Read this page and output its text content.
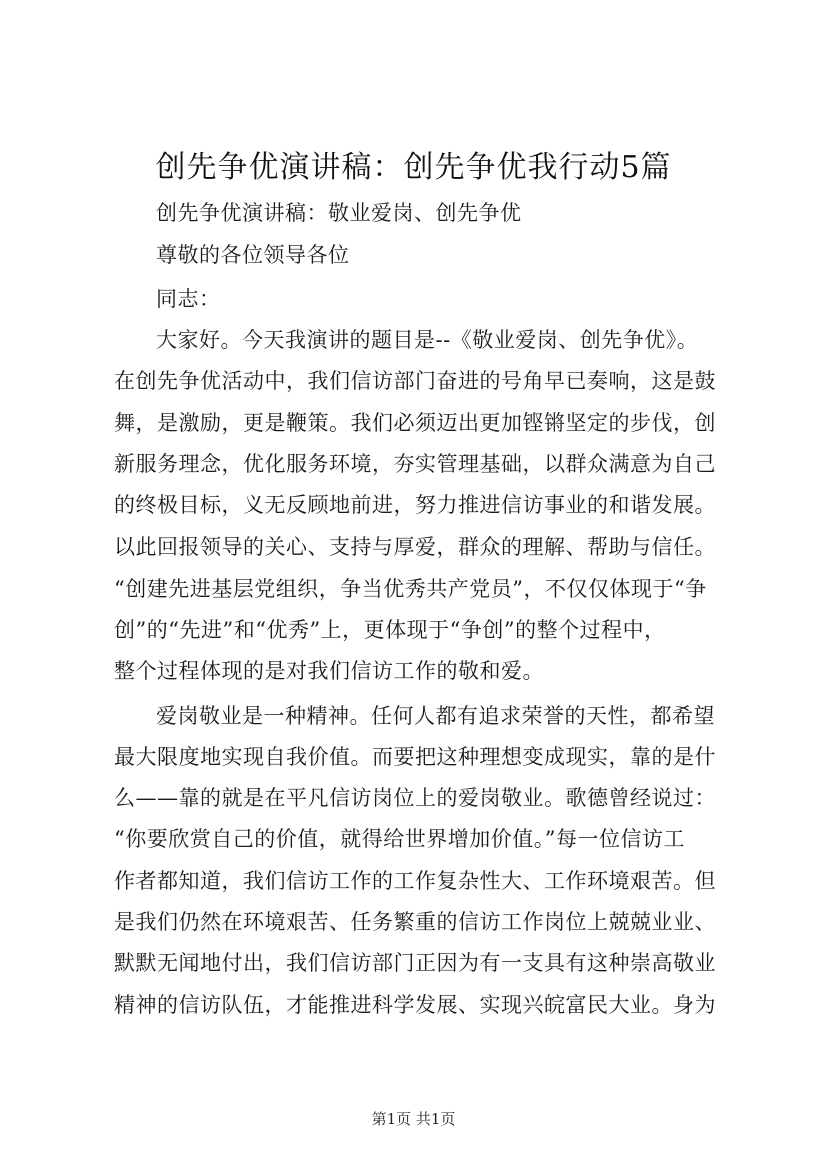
创先争优演讲稿：创先争优我行动5篇
创先争优演讲稿：敬业爱岗、创先争优
尊敬的各位领导各位
同志：
大家好。今天我演讲的题目是--《敬业爱岗、创先争优》。
在创先争优活动中，我们信访部门奋进的号角早已奏响，这是鼓
舞，是激励，更是鞭策。我们必须迈出更加铿锵坚定的步伐，创
新服务理念，优化服务环境，夯实管理基础，以群众满意为自己
的终极目标，义无反顾地前进，努力推进信访事业的和谐发展。
以此回报领导的关心、支持与厚爱，群众的理解、帮助与信任。
“创建先进基层党组织，争当优秀共产党员”，不仅仅体现于“争
创”的“先进”和“优秀”上，更体现于“争创”的整个过程中，
整个过程体现的是对我们信访工作的敬和爱。
爱岗敬业是一种精神。任何人都有追求荣誉的天性，都希望
最大限度地实现自我价值。而要把这种理想变成现实，靠的是什
么——靠的就是在平凡信访岗位上的爱岗敬业。歌德曾经说过：
“你要欣赏自己的价值，就得给世界增加价值。”每一位信访工
作者都知道，我们信访工作的工作复杂性大、工作环境艰苦。但
是我们仍然在环境艰苦、任务繁重的信访工作岗位上兢兢业业、
默默无闻地付出，我们信访部门正因为有一支具有这种崇高敬业
精神的信访队伍，才能推进科学发展、实现兴皖富民大业。身为
第1页 共1页
